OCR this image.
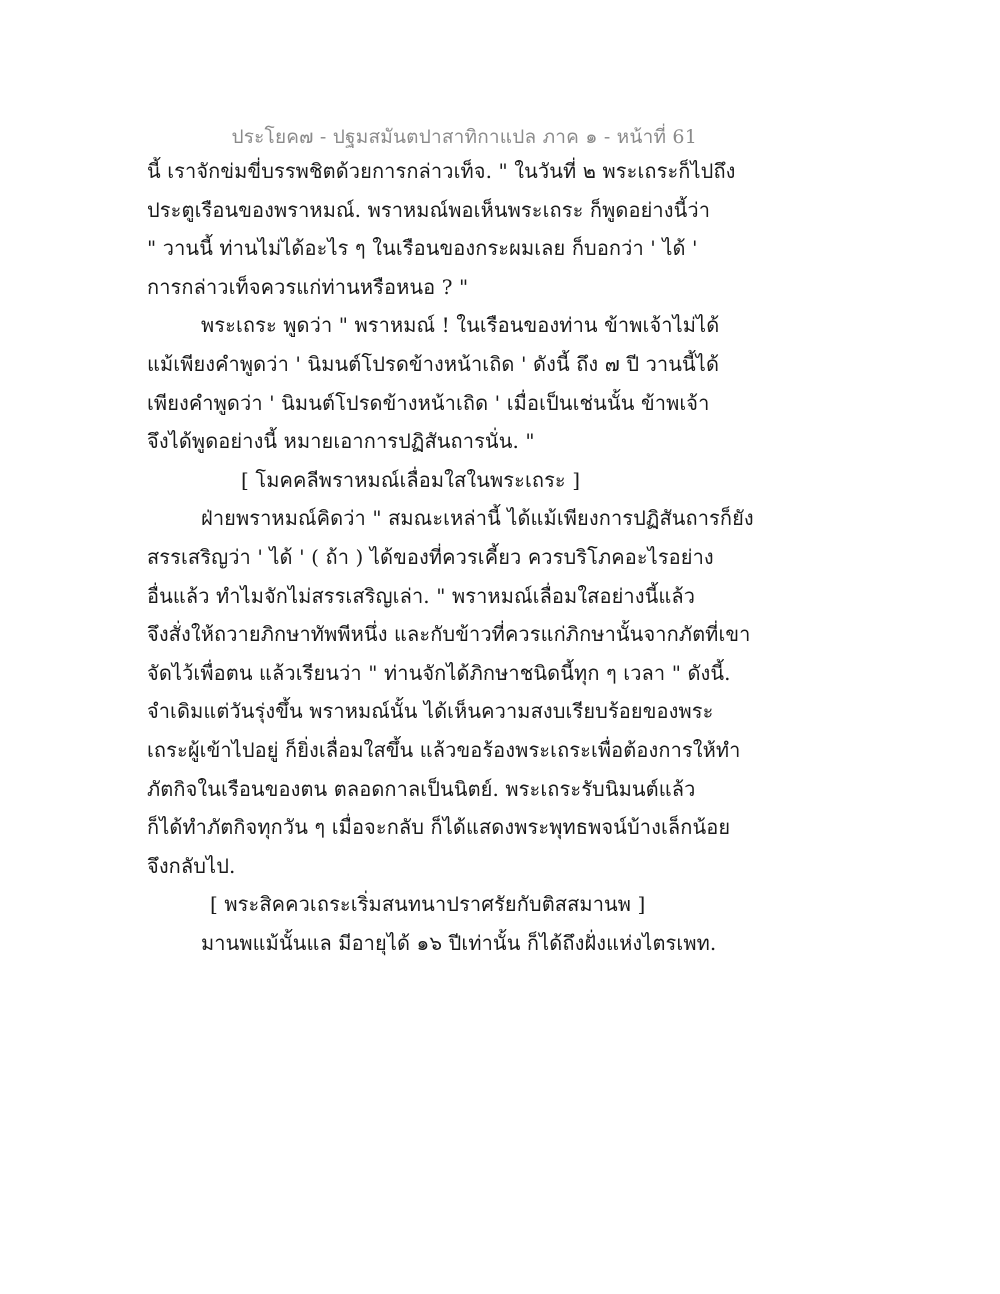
ประโยค๗ - ปฐมสมันตปาสาทิกาแปล ภาค ๑ - หน้าที่ 61
นี้ เราจักข่มขี่บรรพชิตด้วยการกล่าวเท็จ. " ในวันที่ ๒ พระเถระก็ไปถึง
ประตูเรือนของพราหมณ์. พราหมณ์พอเห็นพระเถระ ก็พูดอย่างนี้ว่า
" วานนี้ ท่านไม่ได้อะไร ๆ ในเรือนของกระผมเลย ก็บอกว่า ' ได้ '
การกล่าวเท็จควรแก่ท่านหรือหนอ ? "
พระเถระ พูดว่า " พราหมณ์ ! ในเรือนของท่าน ข้าพเจ้าไม่ได้
แม้เพียงคำพูดว่า ' นิมนต์โปรดข้างหน้าเถิด ' ดังนี้ ถึง ๗ ปี วานนี้ได้
เพียงคำพูดว่า ' นิมนต์โปรดข้างหน้าเถิด ' เมื่อเป็นเช่นนั้น ข้าพเจ้า
จึงได้พูดอย่างนี้ หมายเอาการปฏิสันถารนั่น. "
[ โมคคลีพราหมณ์เลื่อมใสในพระเถระ ]
ฝ่ายพราหมณ์คิดว่า " สมณะเหล่านี้ ได้แม้เพียงการปฏิสันถารก็ยัง
สรรเสริญว่า ' ได้ ' ( ถ้า ) ได้ของที่ควรเคี้ยว ควรบริโภคอะไรอย่าง
อื่นแล้ว ทำไมจักไม่สรรเสริญเล่า. " พราหมณ์เลื่อมใสอย่างนี้แล้ว
จึงสั่งให้ถวายภิกษาทัพพีหนึ่ง และกับข้าวที่ควรแก่ภิกษานั้นจากภัตที่เขา
จัดไว้เพื่อตน แล้วเรียนว่า " ท่านจักได้ภิกษาชนิดนี้ทุก ๆ เวลา " ดังนี้.
จำเดิมแต่วันรุ่งขึ้น พราหมณ์นั้น ได้เห็นความสงบเรียบร้อยของพระ
เถระผู้เข้าไปอยู่ ก็ยิ่งเลื่อมใสขึ้น แล้วขอร้องพระเถระเพื่อต้องการให้ทำ
ภัตกิจในเรือนของตน ตลอดกาลเป็นนิตย์. พระเถระรับนิมนต์แล้ว
ก็ได้ทำภัตกิจทุกวัน ๆ เมื่อจะกลับ ก็ได้แสดงพระพุทธพจน์บ้างเล็กน้อย
จึงกลับไป.
[ พระสิคควเถระเริ่มสนทนาปราศรัยกับติสสมานพ ]
มานพแม้นั้นแล มีอายุได้ ๑๖ ปีเท่านั้น ก็ได้ถึงฝั่งแห่งไตรเพท.
